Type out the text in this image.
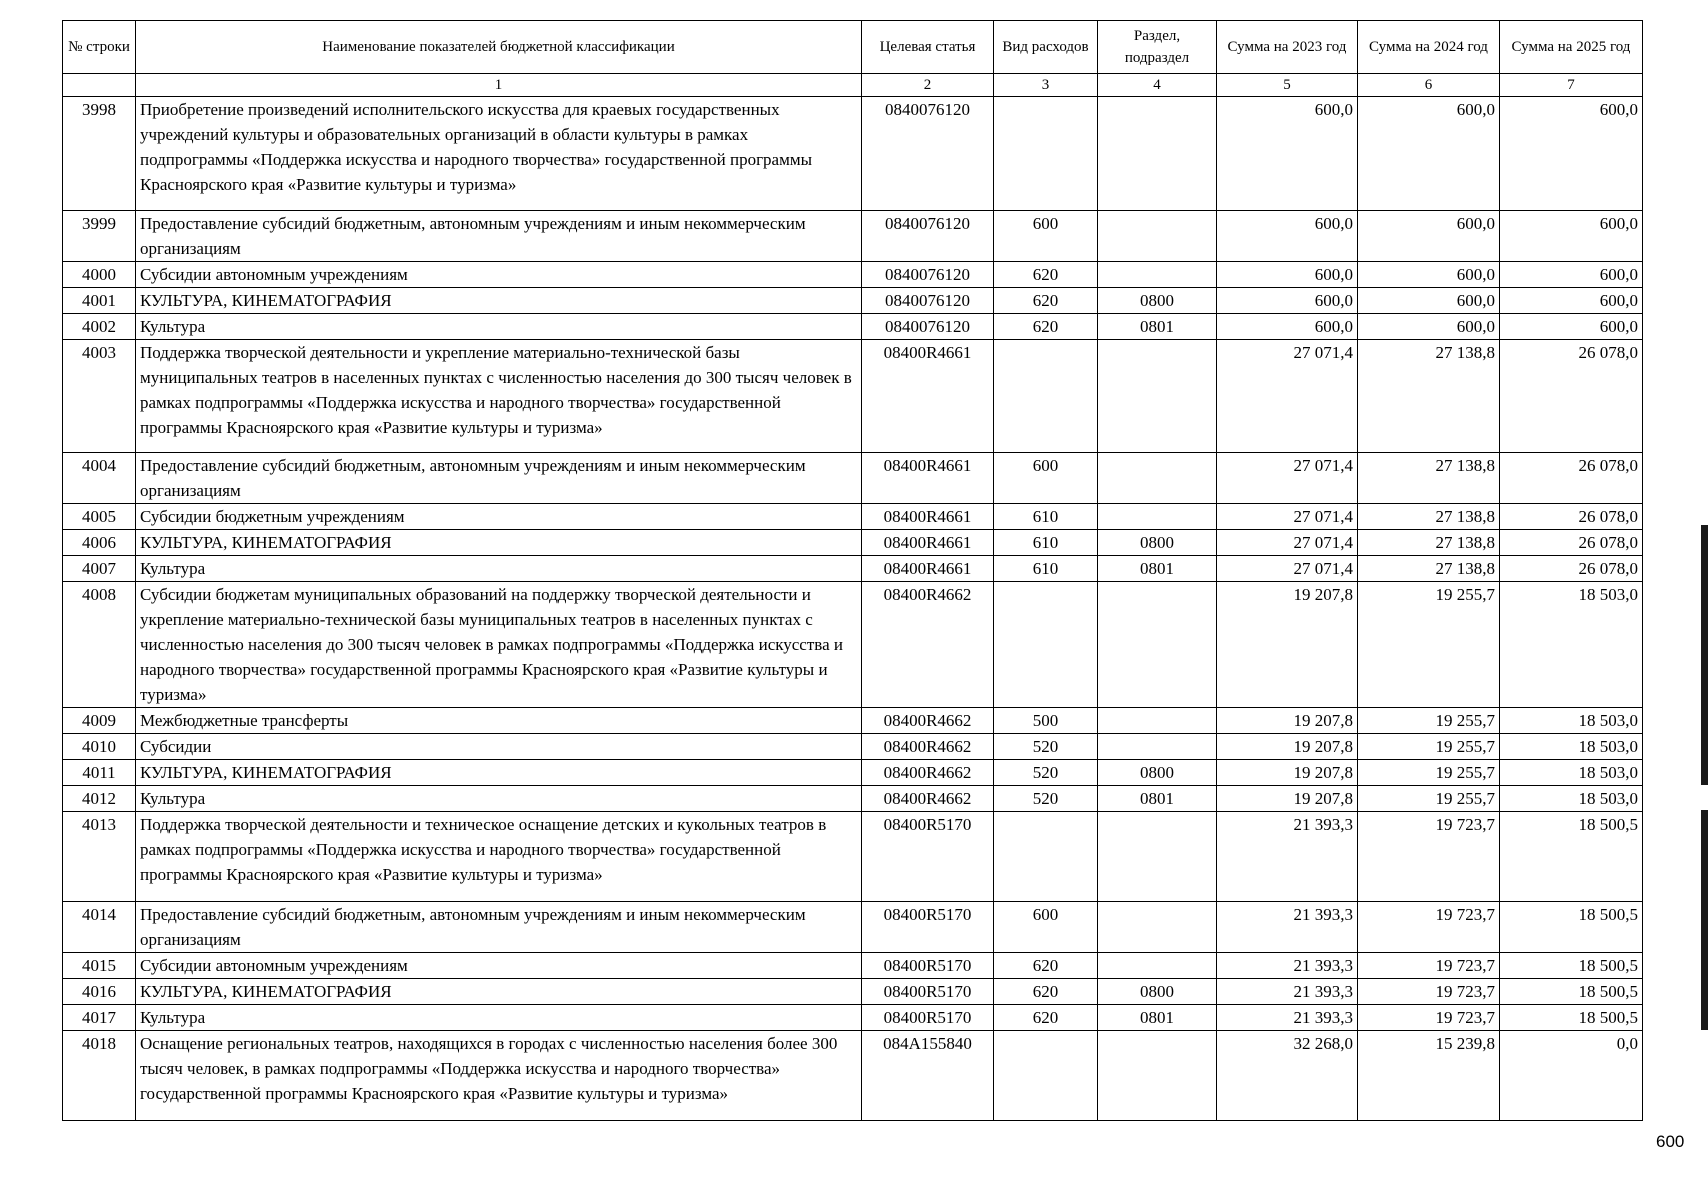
№ строки	Наименование показателей бюджетной классификации	Целевая статья	Вид расходов	Раздел, подраздел	Сумма на 2023 год	Сумма на 2024 год	Сумма на 2025 год
	1	2	3	4	5	6	7
3998	Приобретение произведений исполнительского искусства для краевых государственных учреждений культуры и образовательных организаций в области культуры в рамках подпрограммы «Поддержка искусства и народного творчества» государственной программы Красноярского края «Развитие культуры и туризма»	0840076120			600,0	600,0	600,0
3999	Предоставление субсидий бюджетным, автономным учреждениям и иным некоммерческим организациям	0840076120	600		600,0	600,0	600,0
4000	Субсидии автономным учреждениям	0840076120	620		600,0	600,0	600,0
4001	КУЛЬТУРА, КИНЕМАТОГРАФИЯ	0840076120	620	0800	600,0	600,0	600,0
4002	Культура	0840076120	620	0801	600,0	600,0	600,0
4003	Поддержка творческой деятельности и укрепление материально-технической базы муниципальных театров в населенных пунктах с численностью населения до 300 тысяч человек в рамках подпрограммы «Поддержка искусства и народного творчества» государственной программы Красноярского края «Развитие культуры и туризма»	08400R4661			27 071,4	27 138,8	26 078,0
4004	Предоставление субсидий бюджетным, автономным учреждениям и иным некоммерческим организациям	08400R4661	600		27 071,4	27 138,8	26 078,0
4005	Субсидии бюджетным учреждениям	08400R4661	610		27 071,4	27 138,8	26 078,0
4006	КУЛЬТУРА, КИНЕМАТОГРАФИЯ	08400R4661	610	0800	27 071,4	27 138,8	26 078,0
4007	Культура	08400R4661	610	0801	27 071,4	27 138,8	26 078,0
4008	Субсидии бюджетам муниципальных образований на поддержку творческой деятельности и укрепление материально-технической базы муниципальных театров в населенных пунктах с численностью населения до 300 тысяч человек в рамках подпрограммы «Поддержка искусства и народного творчества» государственной программы Красноярского края «Развитие культуры и туризма»	08400R4662			19 207,8	19 255,7	18 503,0
4009	Межбюджетные трансферты	08400R4662	500		19 207,8	19 255,7	18 503,0
4010	Субсидии	08400R4662	520		19 207,8	19 255,7	18 503,0
4011	КУЛЬТУРА, КИНЕМАТОГРАФИЯ	08400R4662	520	0800	19 207,8	19 255,7	18 503,0
4012	Культура	08400R4662	520	0801	19 207,8	19 255,7	18 503,0
4013	Поддержка творческой деятельности и техническое оснащение детских и кукольных театров в рамках подпрограммы «Поддержка искусства и народного творчества» государственной программы Красноярского края «Развитие культуры и туризма»	08400R5170			21 393,3	19 723,7	18 500,5
4014	Предоставление субсидий бюджетным, автономным учреждениям и иным некоммерческим организациям	08400R5170	600		21 393,3	19 723,7	18 500,5
4015	Субсидии автономным учреждениям	08400R5170	620		21 393,3	19 723,7	18 500,5
4016	КУЛЬТУРА, КИНЕМАТОГРАФИЯ	08400R5170	620	0800	21 393,3	19 723,7	18 500,5
4017	Культура	08400R5170	620	0801	21 393,3	19 723,7	18 500,5
4018	Оснащение региональных театров, находящихся в городах с численностью населения более 300 тысяч человек, в рамках подпрограммы «Поддержка искусства и народного творчества» государственной программы Красноярского края «Развитие культуры и туризма»	084A155840			32 268,0	15 239,8	0,0
600
